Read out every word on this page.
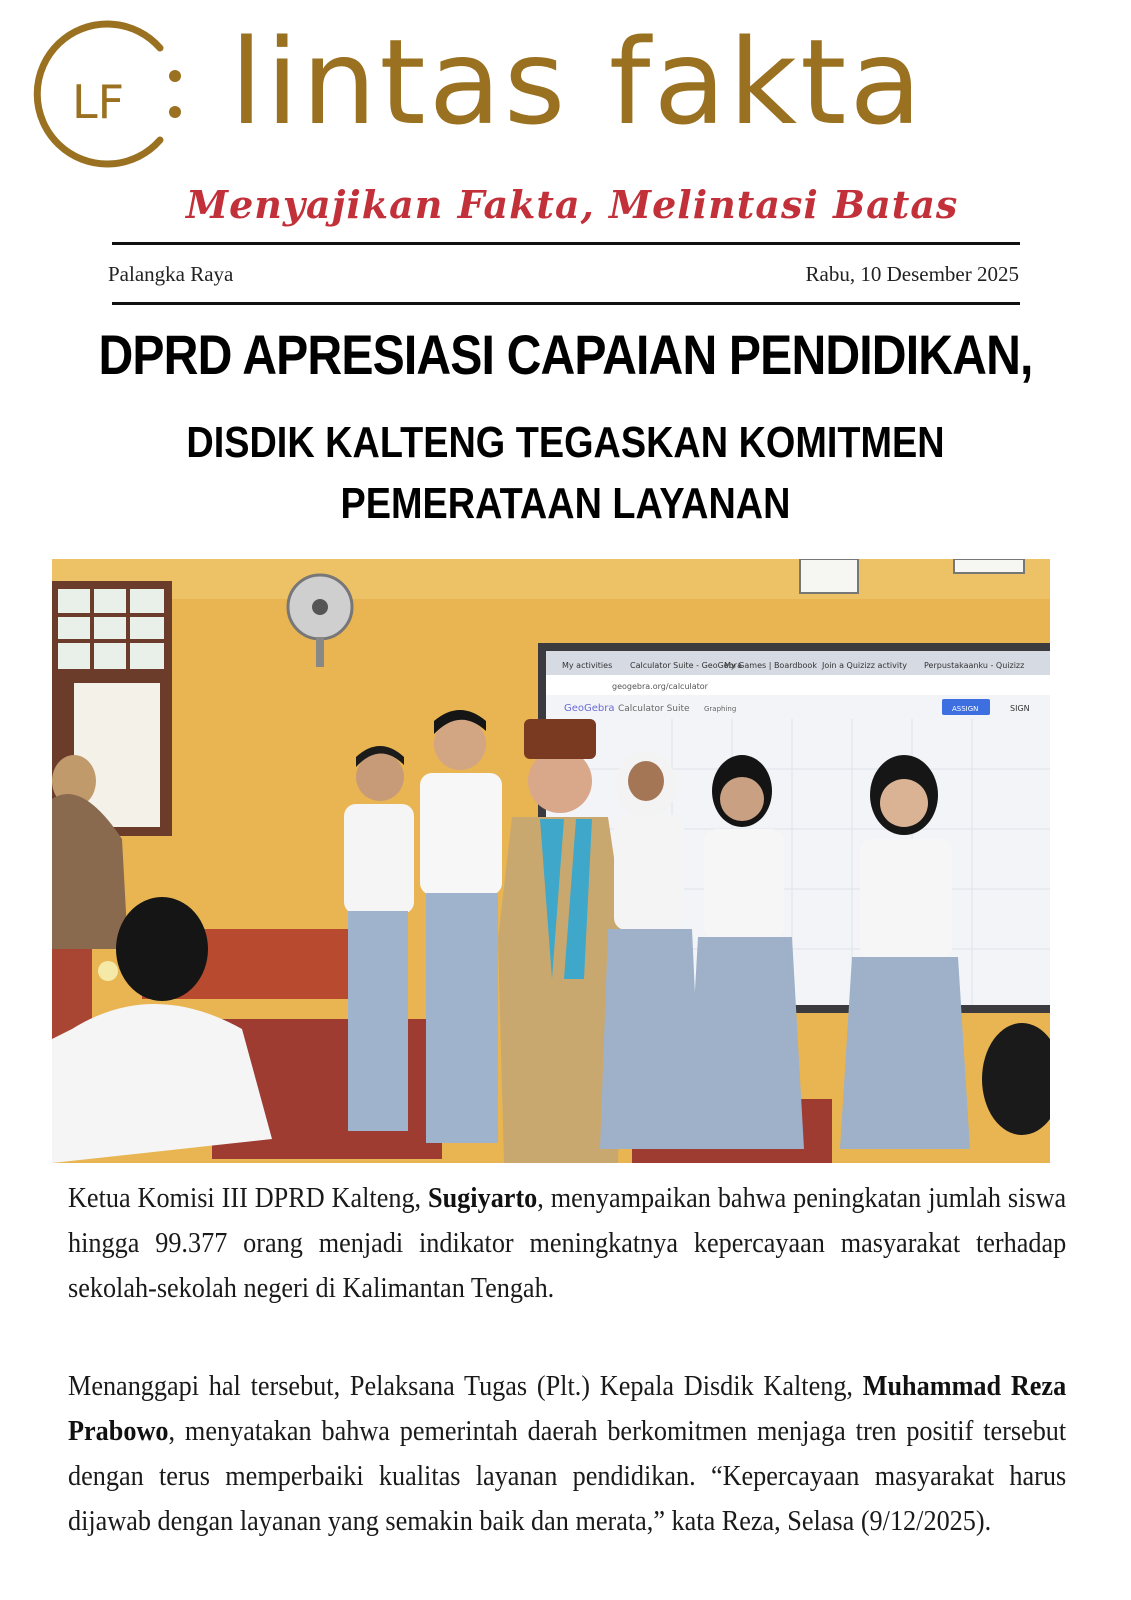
LF lintas fakta
Menyajikan Fakta, Melintasi Batas
Palangka Raya	Rabu, 10 Desember 2025
DPRD APRESIASI CAPAIAN PENDIDIKAN,
DISDIK KALTENG TEGASKAN KOMITMEN
PEMERATAAN LAYANAN
My activities Calculator Suite - GeoGebra
My Games | Boardbook Join a Quizizz activity Perpustakaanku - Quizizz
geogebra.org/calculator
GeoGebra Calculator Suite Graphing	ASSIGN	SIGN

Ketua Komisi III DPRD Kalteng, Sugiyarto, menyampaikan bahwa peningkatan jumlah siswa hingga 99.377 orang menjadi indikator meningkatnya kepercayaan masyarakat terhadap sekolah-sekolah negeri di Kalimantan Tengah.

Menanggapi hal tersebut, Pelaksana Tugas (Plt.) Kepala Disdik Kalteng, Muhammad Reza Prabowo, menyatakan bahwa pemerintah daerah berkomitmen menjaga tren positif tersebut dengan terus memperbaiki kualitas layanan pendidikan. “Kepercayaan masyarakat harus dijawab dengan layanan yang semakin baik dan merata,” kata Reza, Selasa (9/12/2025).
